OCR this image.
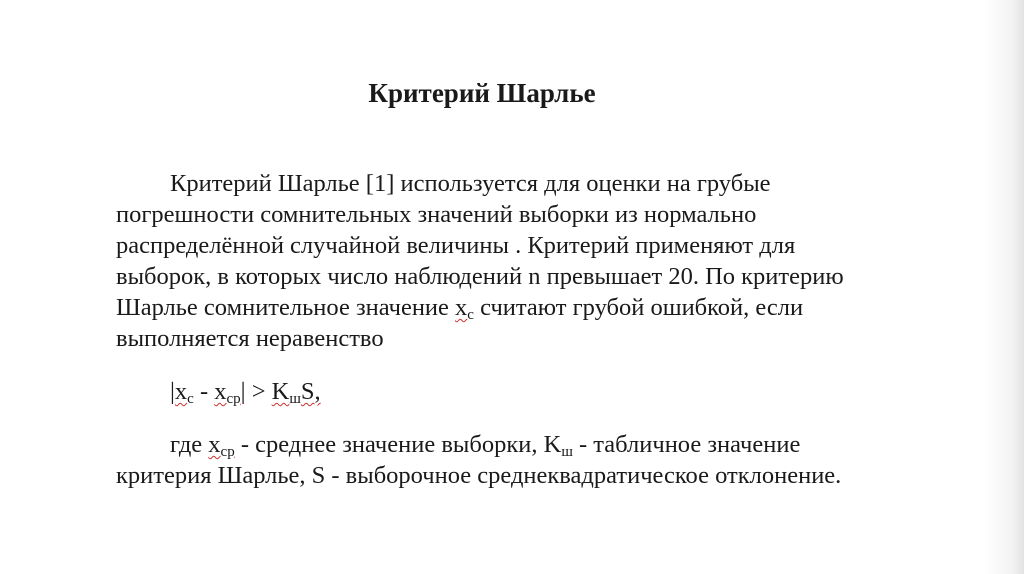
Критерий Шарлье

Критерий Шарлье [1] используется для оценки на грубые

погрешности сомнительных значений выборки из нормально

распределённой случайной величины . Критерий применяют для

выборок, в которых число наблюдений n превышает 20. По критерию

Шарлье сомнительное значение $x_c$ считают грубой ошибкой, если

выполняется неравенство

$|x_c - x_{cp}| > K_шS$,

где $x_{cp}$ - среднее значение выборки, $K_ш$ - табличное значение

критерия Шарлье, S - выборочное среднеквадратическое отклонение.
